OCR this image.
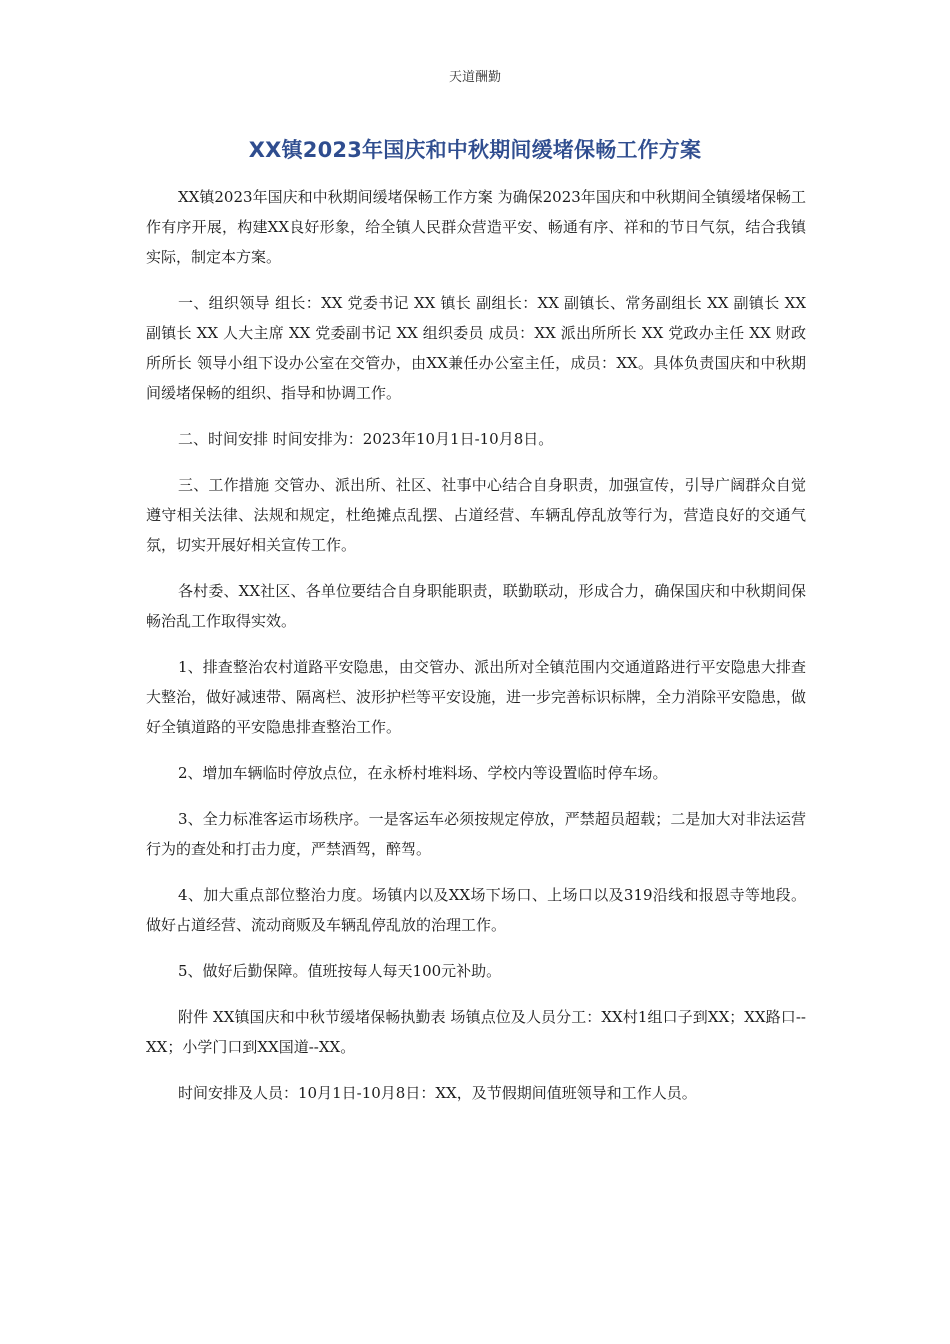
天道酬勤
XX镇2023年国庆和中秋期间缓堵保畅工作方案

XX镇2023年国庆和中秋期间缓堵保畅工作方案 为确保2023年国庆和中秋期间全镇缓堵保畅工作有序开展，构建XX良好形象，给全镇人民群众营造平安、畅通有序、祥和的节日气氛，结合我镇实际，制定本方案。

一、组织领导 组长：XX 党委书记 XX 镇长 副组长：XX 副镇长、常务副组长 XX 副镇长 XX 副镇长 XX 人大主席 XX 党委副书记 XX 组织委员 成员：XX 派出所所长 XX 党政办主任 XX 财政所所长 领导小组下设办公室在交管办，由XX兼任办公室主任，成员：XX。具体负责国庆和中秋期间缓堵保畅的组织、指导和协调工作。

二、时间安排 时间安排为：2023年10月1日-10月8日。

三、工作措施 交管办、派出所、社区、社事中心结合自身职责，加强宣传，引导广阔群众自觉遵守相关法律、法规和规定，杜绝摊点乱摆、占道经营、车辆乱停乱放等行为，营造良好的交通气氛，切实开展好相关宣传工作。

各村委、XX社区、各单位要结合自身职能职责，联勤联动，形成合力，确保国庆和中秋期间保畅治乱工作取得实效。

1、排查整治农村道路平安隐患，由交管办、派出所对全镇范围内交通道路进行平安隐患大排查大整治，做好减速带、隔离栏、波形护栏等平安设施，进一步完善标识标牌，全力消除平安隐患，做好全镇道路的平安隐患排查整治工作。

2、增加车辆临时停放点位，在永桥村堆料场、学校内等设置临时停车场。

3、全力标准客运市场秩序。一是客运车必须按规定停放，严禁超员超载；二是加大对非法运营行为的查处和打击力度，严禁酒驾，醉驾。

4、加大重点部位整治力度。场镇内以及XX场下场口、上场口以及319沿线和报恩寺等地段。做好占道经营、流动商贩及车辆乱停乱放的治理工作。

5、做好后勤保障。值班按每人每天100元补助。

附件 XX镇国庆和中秋节缓堵保畅执勤表 场镇点位及人员分工：XX村1组口子到XX；XX路口--XX；小学门口到XX国道--XX。

时间安排及人员：10月1日-10月8日：XX，及节假期间值班领导和工作人员。
